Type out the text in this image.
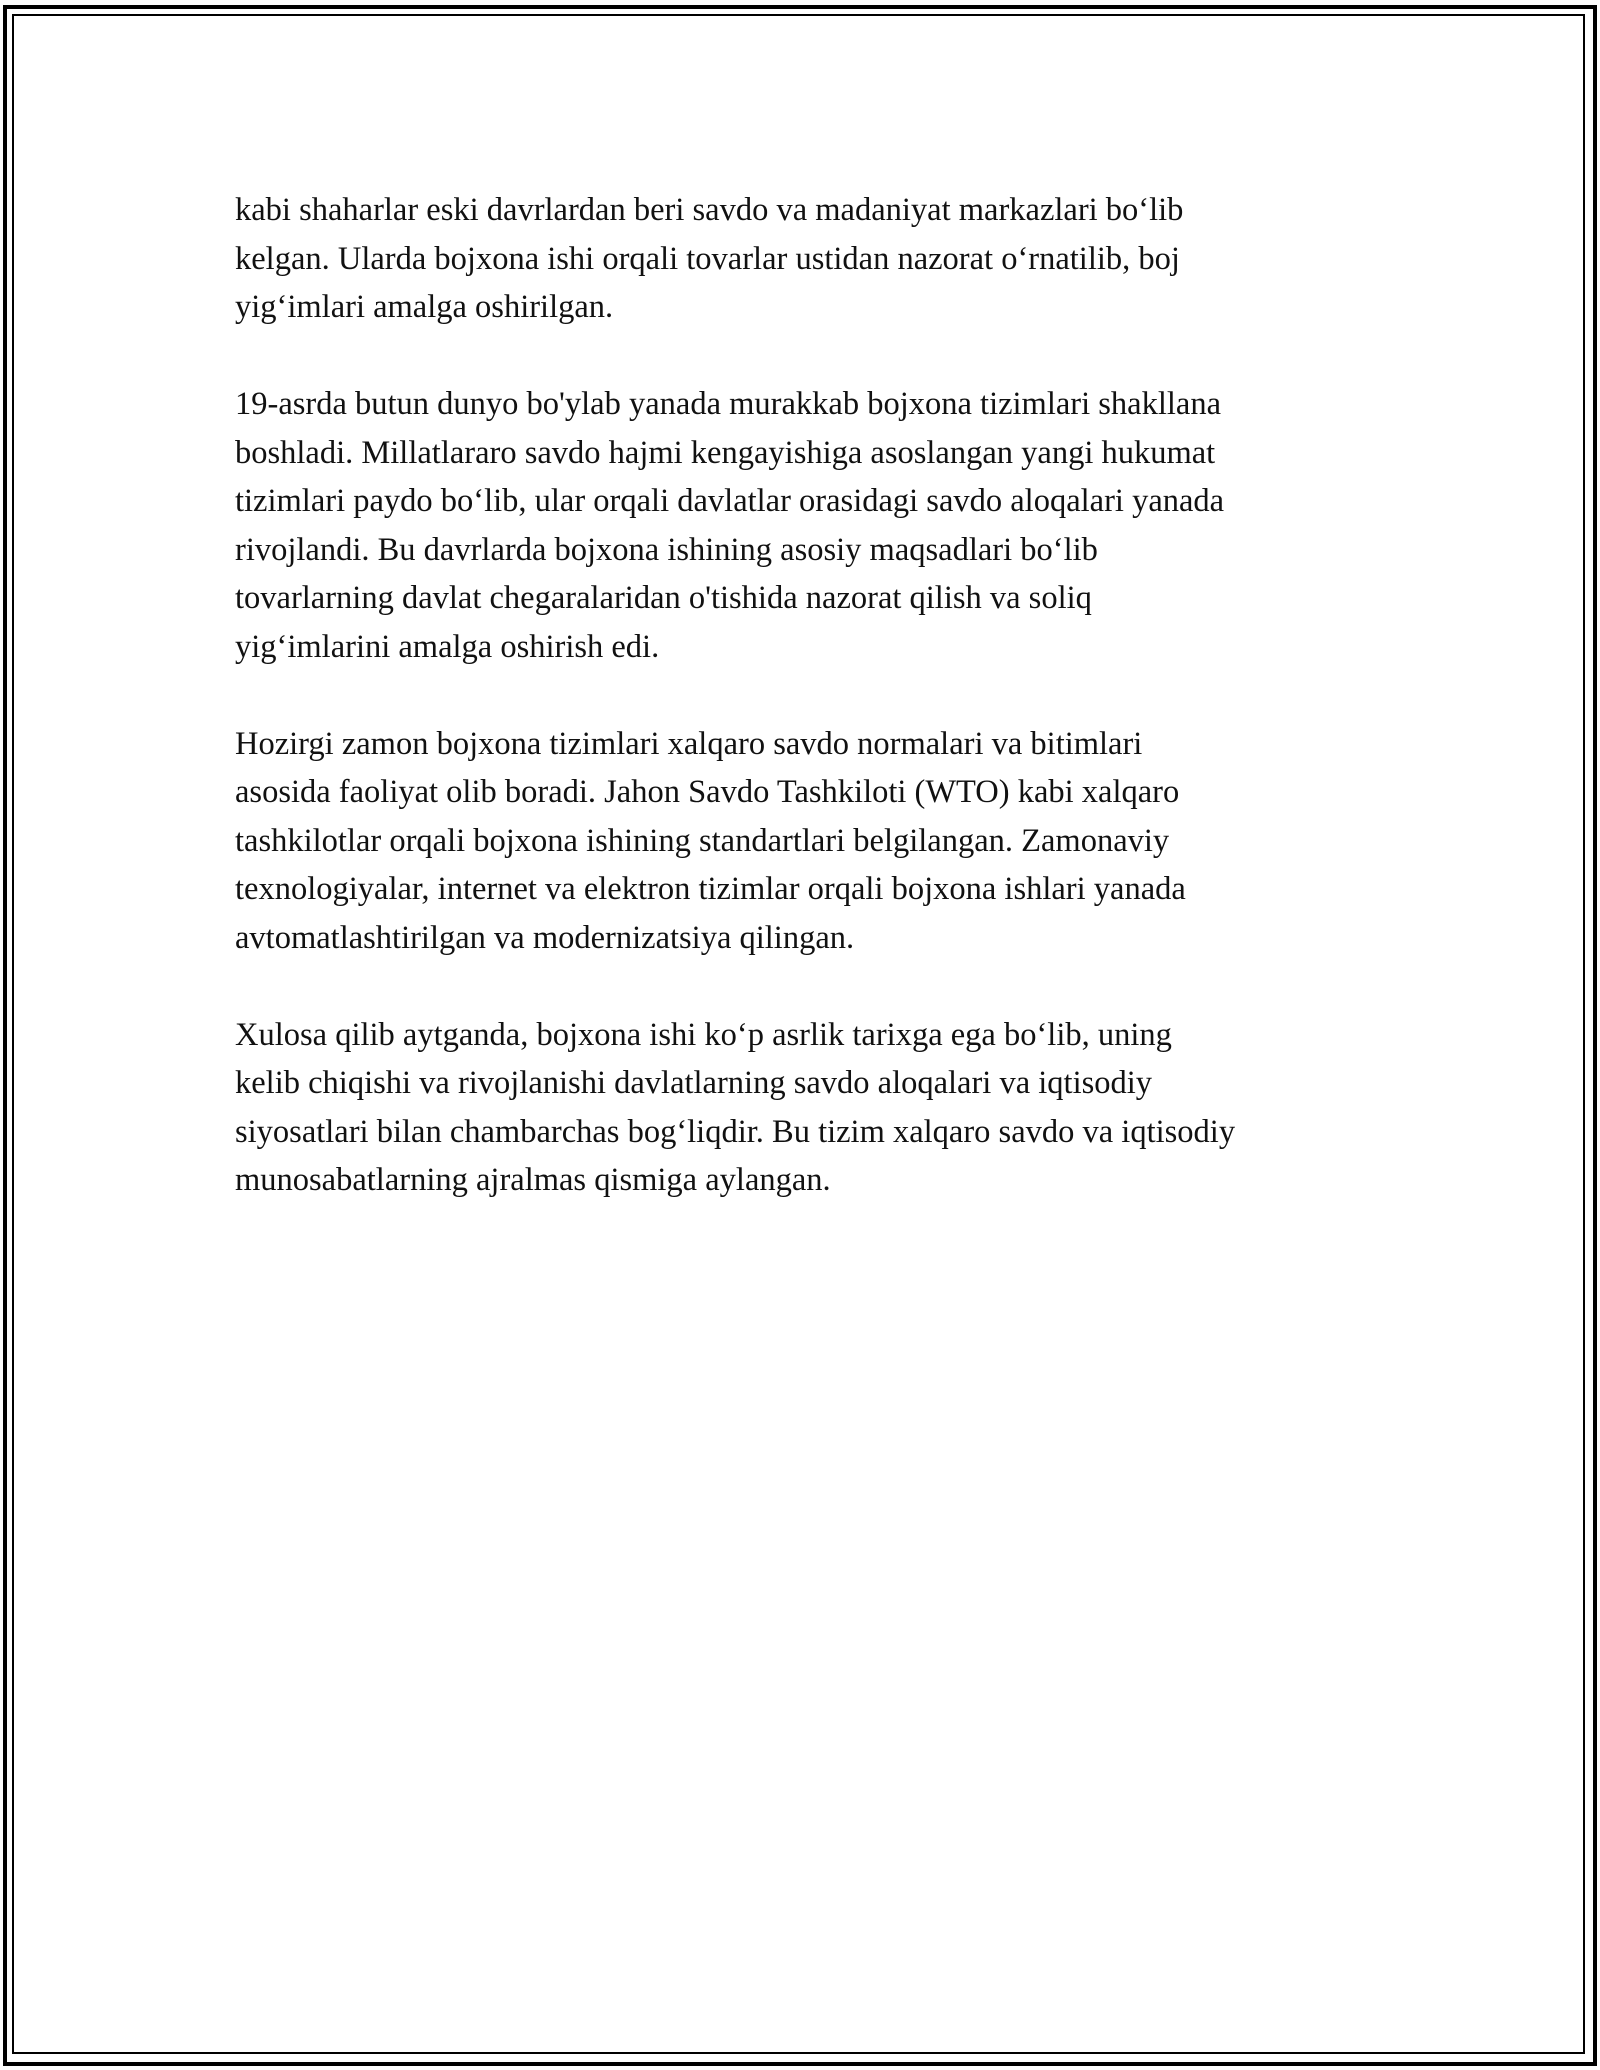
kabi shaharlar eski davrlardan beri savdo va madaniyat markazlari bo‘lib
kelgan. Ularda bojxona ishi orqali tovarlar ustidan nazorat o‘rnatilib, boj
yig‘imlari amalga oshirilgan.

19-asrda butun dunyo bo'ylab yanada murakkab bojxona tizimlari shakllana
boshladi. Millatlararo savdo hajmi kengayishiga asoslangan yangi hukumat
tizimlari paydo bo‘lib, ular orqali davlatlar orasidagi savdo aloqalari yanada
rivojlandi. Bu davrlarda bojxona ishining asosiy maqsadlari bo‘lib
tovarlarning davlat chegaralaridan o'tishida nazorat qilish va soliq
yig‘imlarini amalga oshirish edi.

Hozirgi zamon bojxona tizimlari xalqaro savdo normalari va bitimlari
asosida faoliyat olib boradi. Jahon Savdo Tashkiloti (WTO) kabi xalqaro
tashkilotlar orqali bojxona ishining standartlari belgilangan. Zamonaviy
texnologiyalar, internet va elektron tizimlar orqali bojxona ishlari yanada
avtomatlashtirilgan va modernizatsiya qilingan.

Xulosa qilib aytganda, bojxona ishi ko‘p asrlik tarixga ega bo‘lib, uning
kelib chiqishi va rivojlanishi davlatlarning savdo aloqalari va iqtisodiy
siyosatlari bilan chambarchas bog‘liqdir. Bu tizim xalqaro savdo va iqtisodiy
munosabatlarning ajralmas qismiga aylangan.
